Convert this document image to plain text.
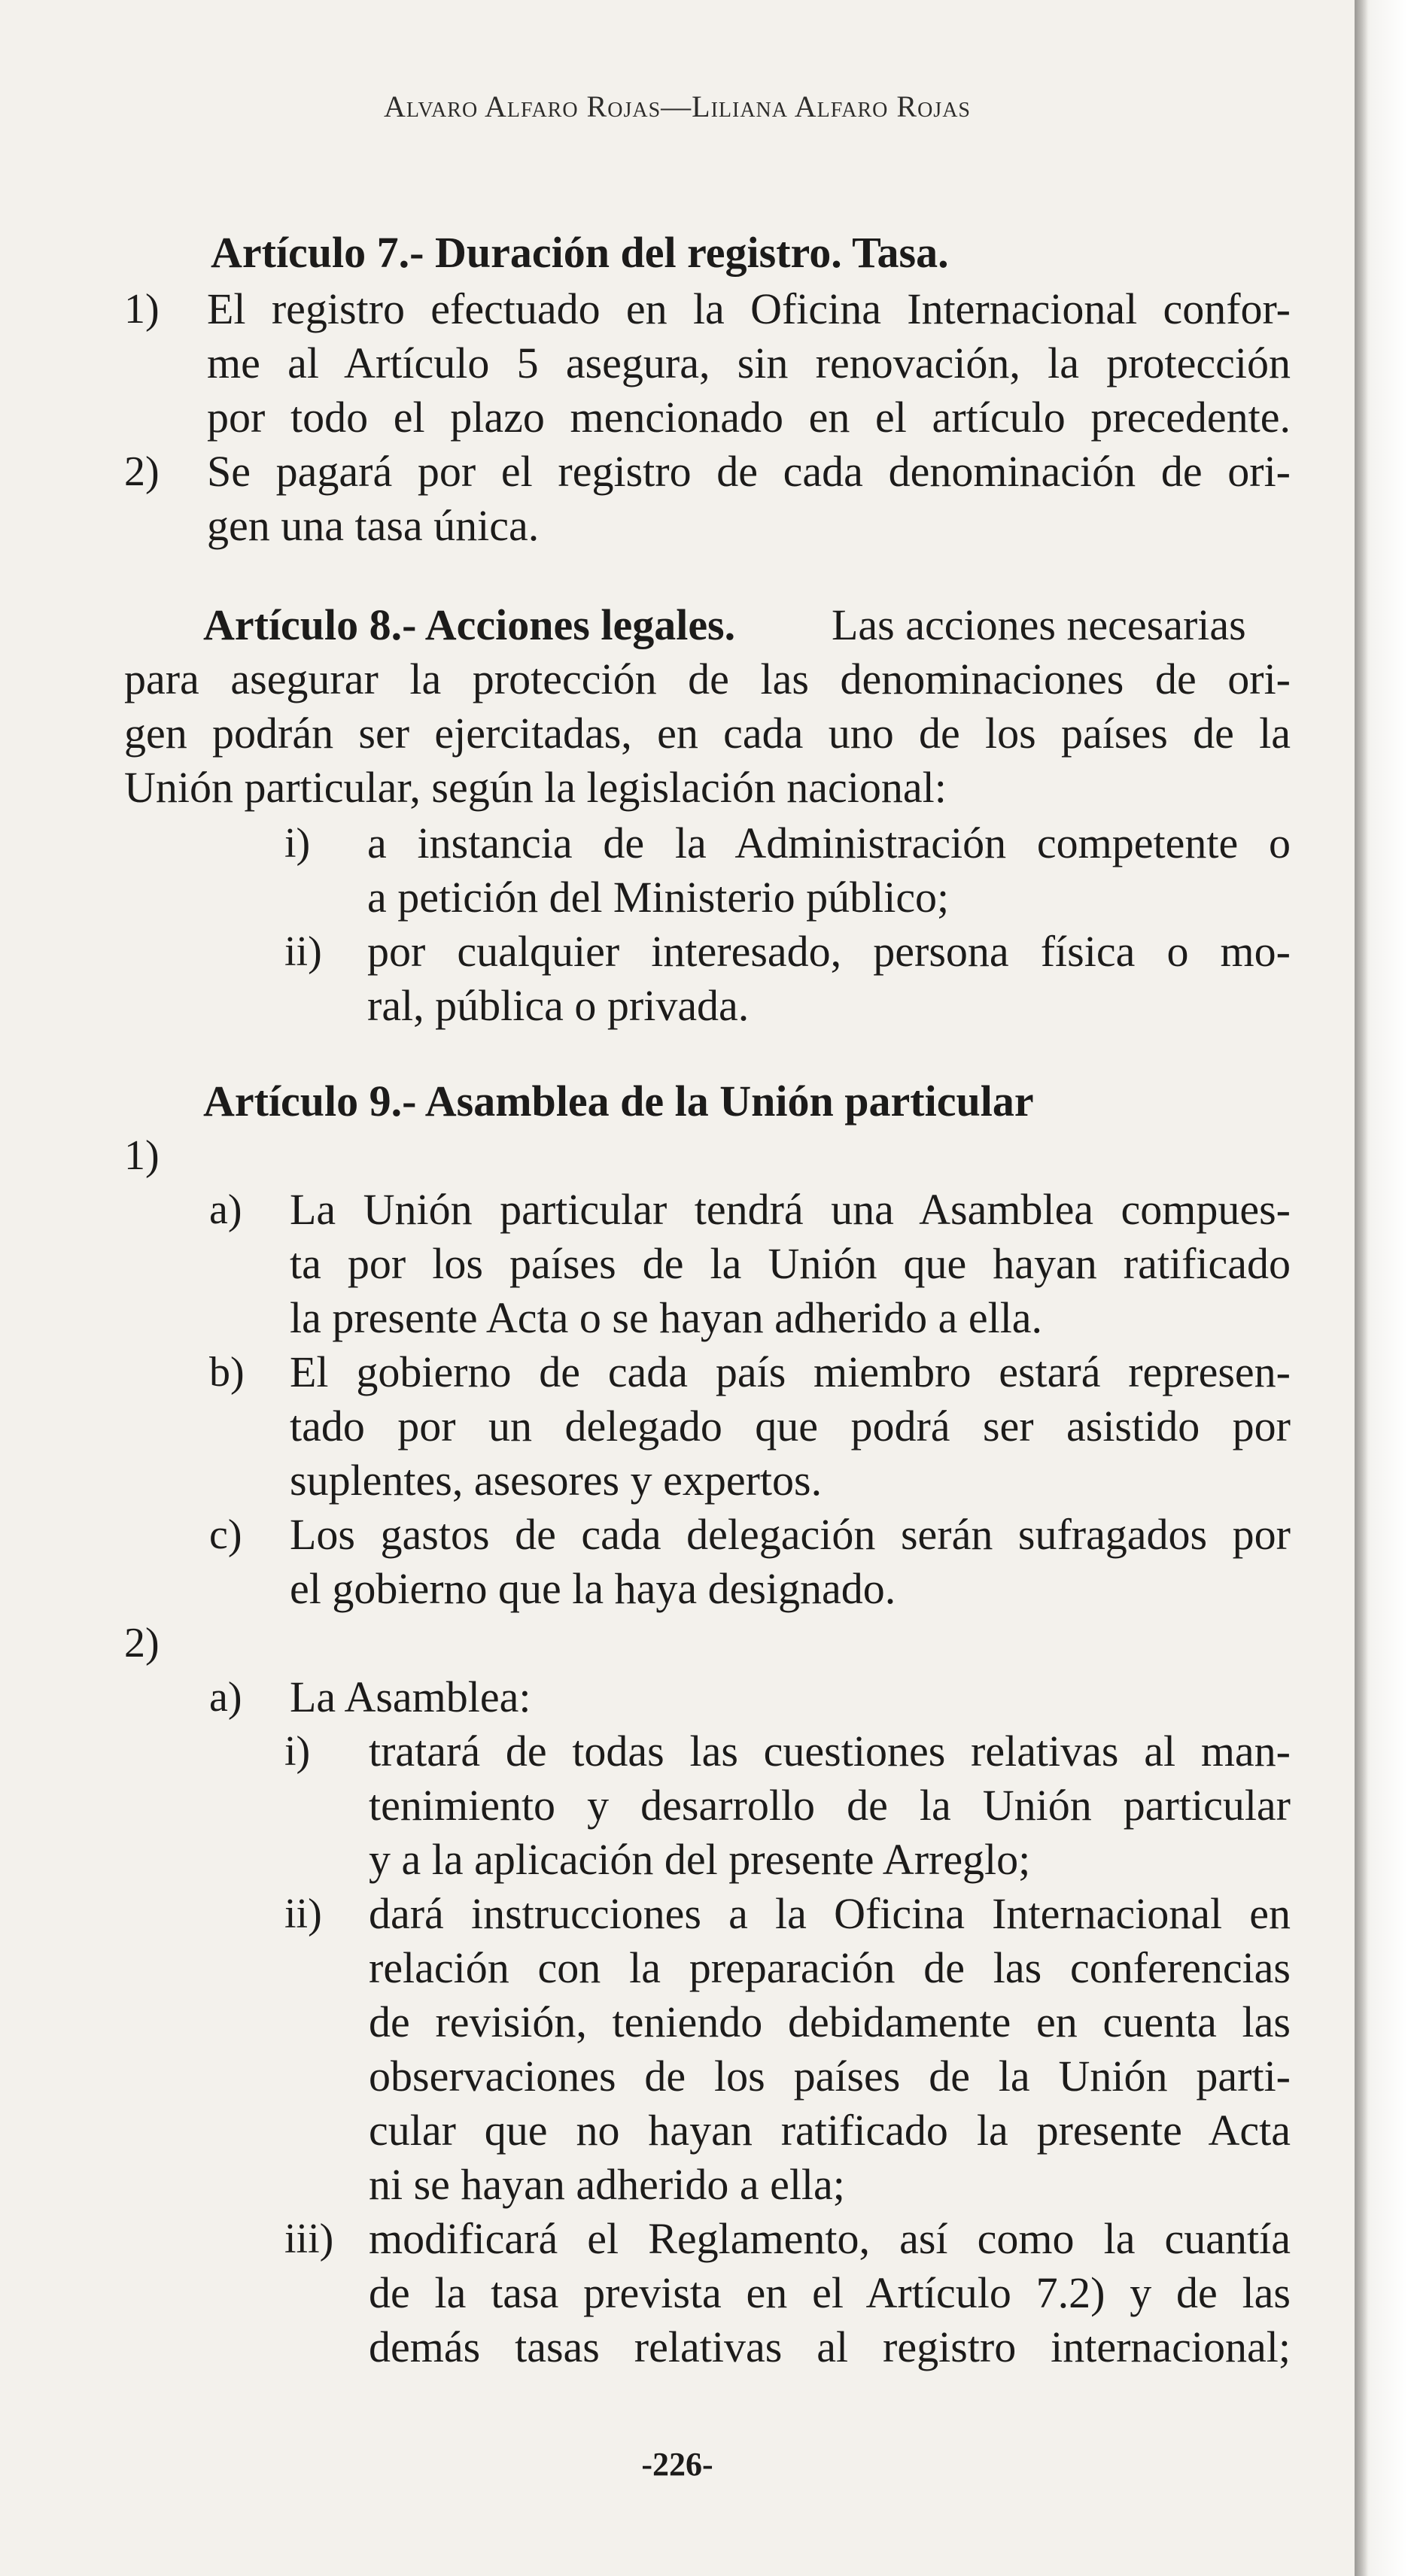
Alvaro Alfaro Rojas—Liliana Alfaro Rojas
Artículo 7.- Duración del registro. Tasa.
1) El registro efectuado en la Oficina Internacional confor-
me al Artículo 5 asegura, sin renovación, la protección
por todo el plazo mencionado en el artículo precedente.
2) Se pagará por el registro de cada denominación de ori-
gen una tasa única.
Artículo 8.- Acciones legales. Las acciones necesarias
para asegurar la protección de las denominaciones de ori-
gen podrán ser ejercitadas, en cada uno de los países de la
Unión particular, según la legislación nacional:
i) a instancia de la Administración competente o
a petición del Ministerio público;
ii) por cualquier interesado, persona física o mo-
ral, pública o privada.
Artículo 9.- Asamblea de la Unión particular
1)
a) La Unión particular tendrá una Asamblea compues-
ta por los países de la Unión que hayan ratificado
la presente Acta o se hayan adherido a ella.
b) El gobierno de cada país miembro estará represen-
tado por un delegado que podrá ser asistido por
suplentes, asesores y expertos.
c) Los gastos de cada delegación serán sufragados por
el gobierno que la haya designado.
2)
a) La Asamblea:
i) tratará de todas las cuestiones relativas al man-
tenimiento y desarrollo de la Unión particular
y a la aplicación del presente Arreglo;
ii) dará instrucciones a la Oficina Internacional en
relación con la preparación de las conferencias
de revisión, teniendo debidamente en cuenta las
observaciones de los países de la Unión parti-
cular que no hayan ratificado la presente Acta
ni se hayan adherido a ella;
iii) modificará el Reglamento, así como la cuantía
de la tasa prevista en el Artículo 7.2) y de las
demás tasas relativas al registro internacional;
-226-
